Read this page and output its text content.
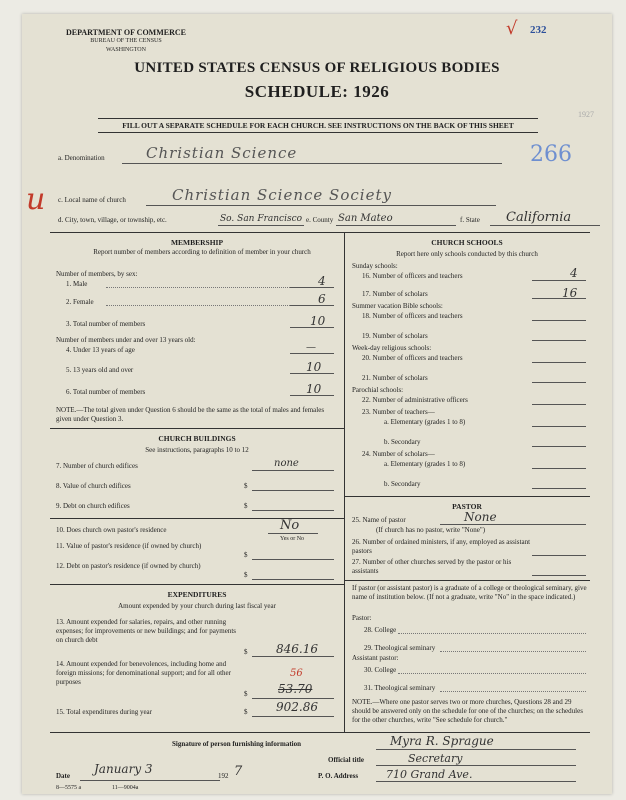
DEPARTMENT OF COMMERCE
BUREAU OF THE CENSUS
WASHINGTON
√ 232
1927
UNITED STATES CENSUS OF RELIGIOUS BODIES
SCHEDULE: 1926
FILL OUT A SEPARATE SCHEDULE FOR EACH CHURCH. SEE INSTRUCTIONS ON THE BACK OF THIS SHEET
u
a. Denomination	Christian Science	266
c. Local name of church	Christian Science Society
d. City, town, village, or township, etc.	So. San Francisco e. County San Mateo	f. State California
MEMBERSHIP
Report number of members according to definition of member in your church
Number of members, by sex:
1. Male	4
2. Female	6
3. Total number of members	10
Number of members under and over 13 years old:
4. Under 13 years of age	—
5. 13 years old and over	10
6. Total number of members	10
NOTE.—The total given under Question 6 should be the same as the total of males and females given under Question 3.
CHURCH BUILDINGS
See instructions, paragraphs 10 to 12
7. Number of church edifices	none
8. Value of church edifices	$
9. Debt on church edifices	$
10. Does church own pastor's residence	No
Yes or No
11. Value of pastor's residence (if owned by church)
$
12. Debt on pastor's residence (if owned by church)
$
EXPENDITURES
Amount expended by your church during last fiscal year
13. Amount expended for salaries, repairs, and other running expenses; for improvements or new buildings; and for payments on church debt
$ 846.16
14. Amount expended for benevolences, including home and foreign missions; for denominational support; and for all other purposes
56
$	53.70
15. Total expenditures during year	$ 902.86
CHURCH SCHOOLS
Report here only schools conducted by this church
Sunday schools:
16. Number of officers and teachers	4
17. Number of scholars	16
Summer vacation Bible schools:
18. Number of officers and teachers
19. Number of scholars
Week-day religious schools:
20. Number of officers and teachers
21. Number of scholars
Parochial schools:
22. Number of administrative officers
23. Number of teachers—
a. Elementary (grades 1 to 8)
b. Secondary
24. Number of scholars—
a. Elementary (grades 1 to 8)
b. Secondary
PASTOR
25. Name of pastor	None
(If church has no pastor, write "None")
26. Number of ordained ministers, if any, employed as assistant pastors
27. Number of other churches served by the pastor or his assistants
If pastor (or assistant pastor) is a graduate of a college or theological seminary, give name of institution below. (If not a graduate, write "No" in the space indicated.)
Pastor:
28. College
29. Theological seminary
Assistant pastor:
30. College
31. Theological seminary
NOTE.—Where one pastor serves two or more churches, Questions 28 and 29 should be answered only on the schedule for one of the churches; on the schedules for the other churches, write "See schedule for church."
Signature of person furnishing information	Myra R. Sprague
Official title	Secretary
Date January 3	192 7	P. O. Address	710 Grand Ave.
8—5575 a	11—9004a
